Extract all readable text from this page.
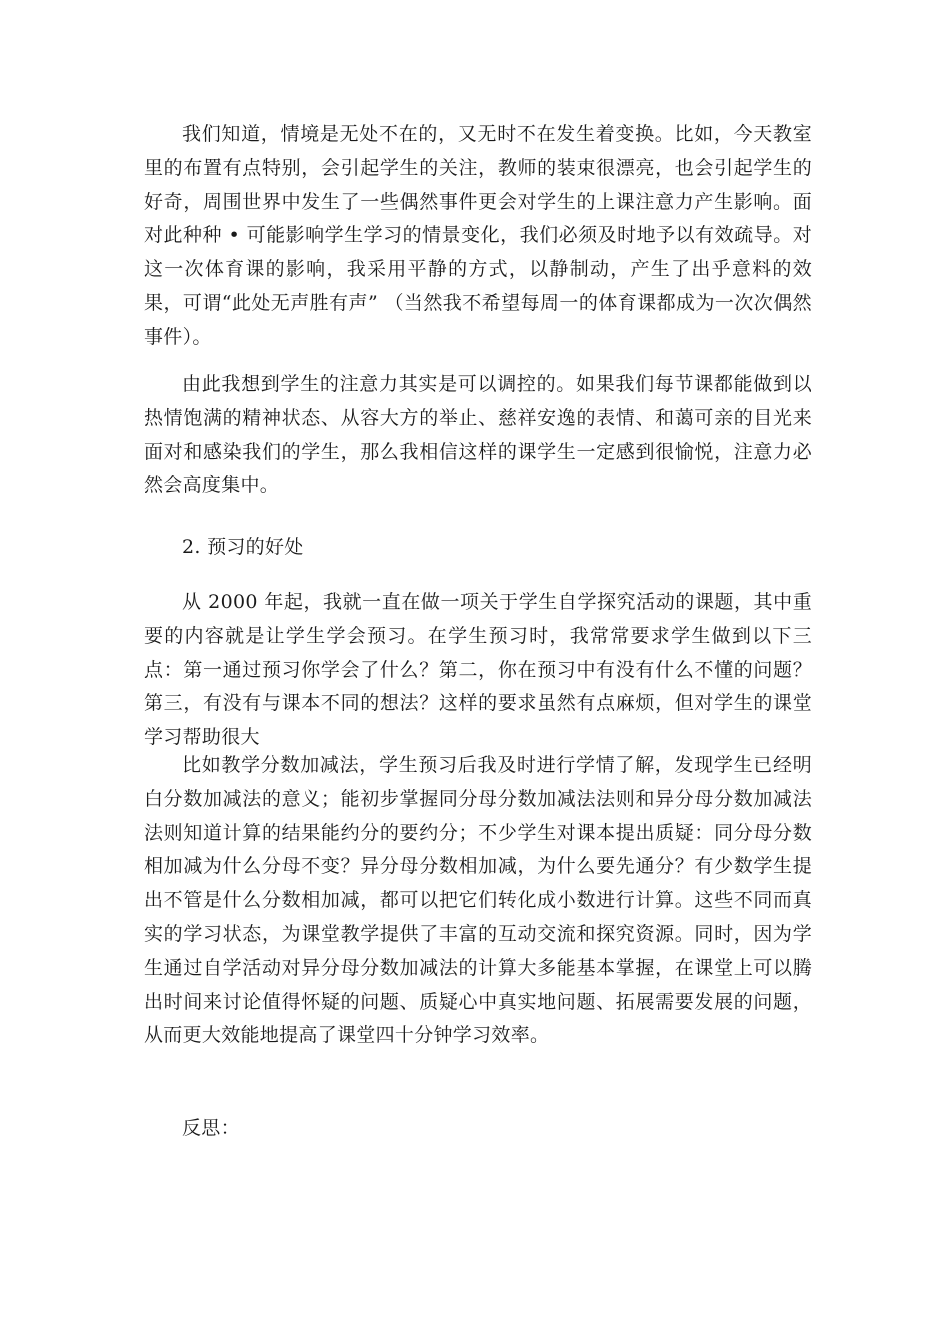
我们知道，情境是无处不在的，又无时不在发生着变换。比如，今天教室里的布置有点特别，会引起学生的关注，教师的装束很漂亮，也会引起学生的好奇，周围世界中发生了一些偶然事件更会对学生的上课注意力产生影响。面对此种种 • 可能影响学生学习的情景变化，我们必须及时地予以有效疏导。对这一次体育课的影响，我采用平静的方式，以静制动，产生了出乎意料的效果，可谓“此处无声胜有声” （当然我不希望每周一的体育课都成为一次次偶然事件）。

由此我想到学生的注意力其实是可以调控的。如果我们每节课都能做到以热情饱满的精神状态、从容大方的举止、慈祥安逸的表情、和蔼可亲的目光来面对和感染我们的学生，那么我相信这样的课学生一定感到很愉悦，注意力必然会高度集中。

2. 预习的好处

从 2000 年起，我就一直在做一项关于学生自学探究活动的课题，其中重要的内容就是让学生学会预习。在学生预习时，我常常要求学生做到以下三点：第一通过预习你学会了什么？第二，你在预习中有没有什么不懂的问题？第三，有没有与课本不同的想法？这样的要求虽然有点麻烦，但对学生的课堂学习帮助很大

比如教学分数加减法，学生预习后我及时进行学情了解，发现学生已经明白分数加减法的意义；能初步掌握同分母分数加减法法则和异分母分数加减法法则知道计算的结果能约分的要约分；不少学生对课本提出质疑：同分母分数相加减为什么分母不变？异分母分数相加减，为什么要先通分？有少数学生提出不管是什么分数相加减，都可以把它们转化成小数进行计算。这些不同而真实的学习状态，为课堂教学提供了丰富的互动交流和探究资源。同时，因为学生通过自学活动对异分母分数加减法的计算大多能基本掌握，在课堂上可以腾出时间来讨论值得怀疑的问题、质疑心中真实地问题、拓展需要发展的问题，从而更大效能地提高了课堂四十分钟学习效率。

反思：
